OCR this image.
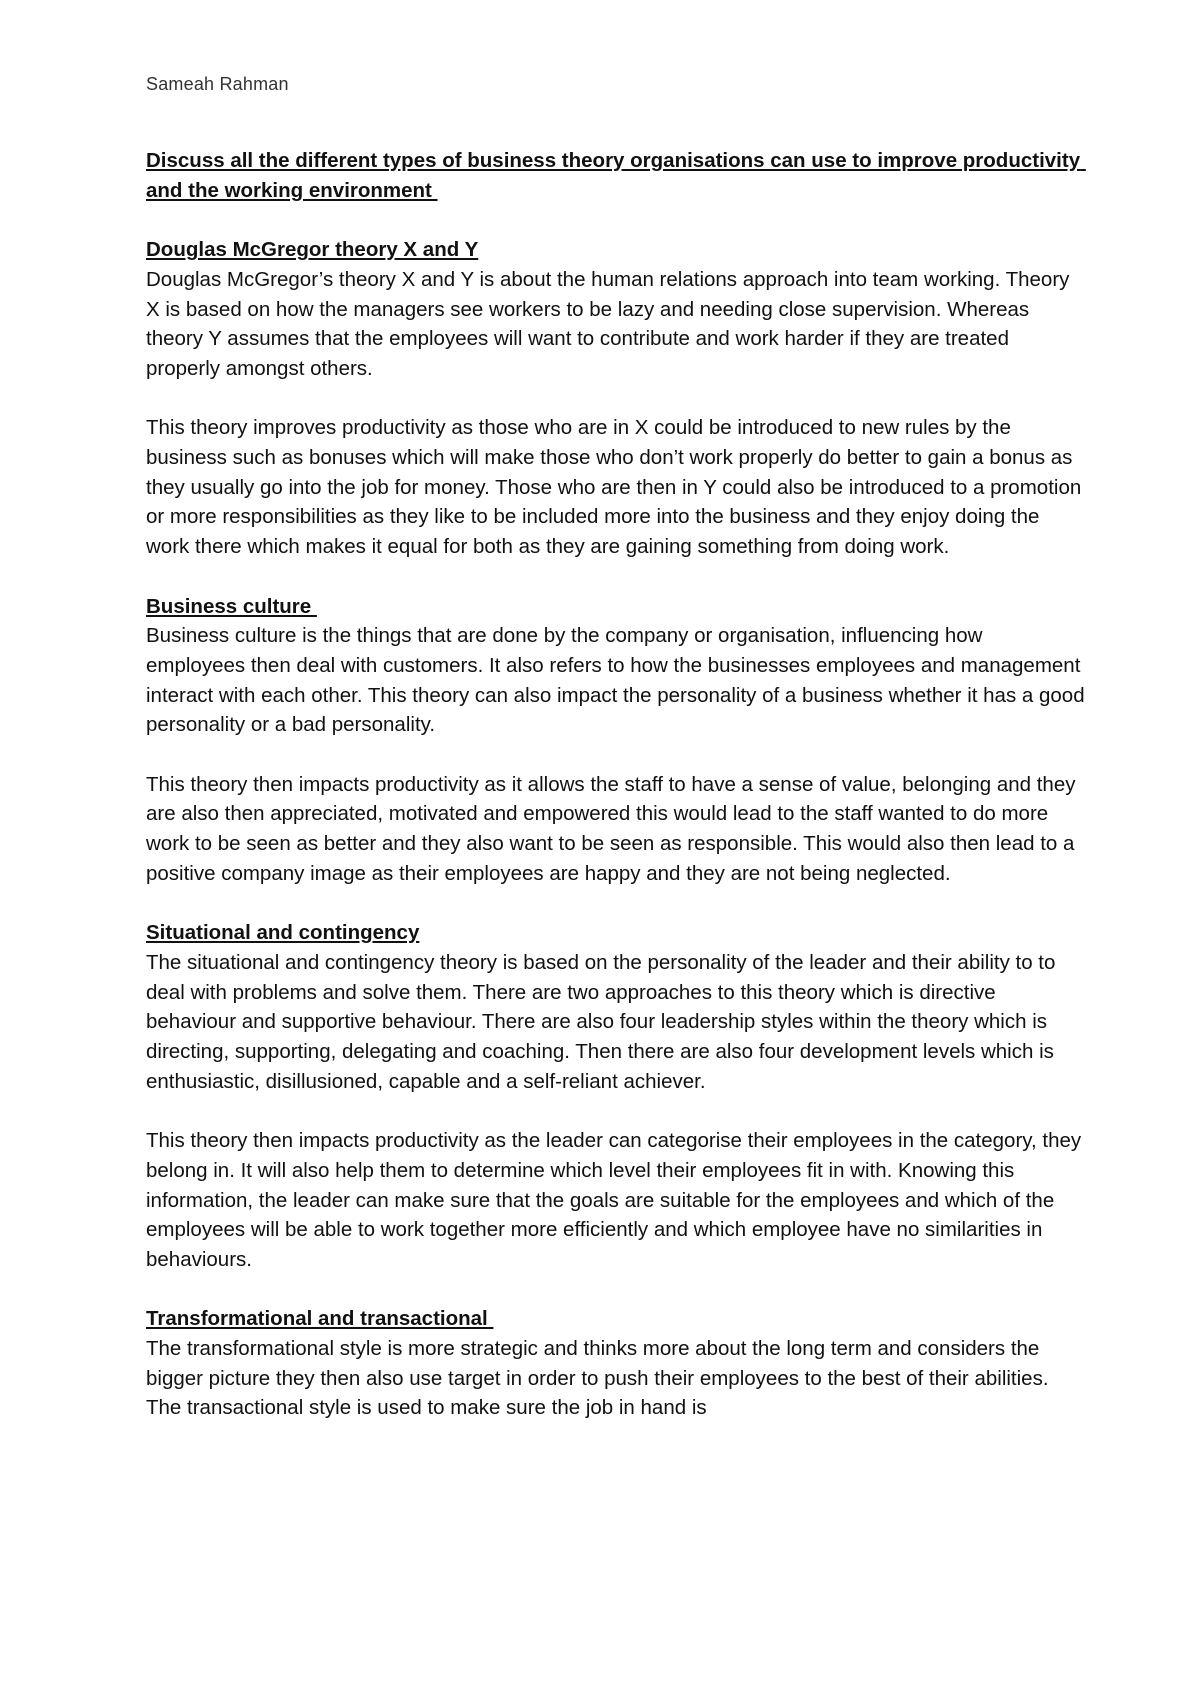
Sameah Rahman

Discuss all the different types of business theory organisations can use to improve productivity and the working environment

Douglas McGregor theory X and Y

Douglas McGregor’s theory X and Y is about the human relations approach into team working. Theory X is based on how the managers see workers to be lazy and needing close supervision. Whereas theory Y assumes that the employees will want to contribute and work harder if they are treated properly amongst others.

This theory improves productivity as those who are in X could be introduced to new rules by the business such as bonuses which will make those who don’t work properly do better to gain a bonus as they usually go into the job for money. Those who are then in Y could also be introduced to a promotion or more responsibilities as they like to be included more into the business and they enjoy doing the work there which makes it equal for both as they are gaining something from doing work.

Business culture

Business culture is the things that are done by the company or organisation, influencing how employees then deal with customers. It also refers to how the businesses employees and management interact with each other. This theory can also impact the personality of a business whether it has a good personality or a bad personality.

This theory then impacts productivity as it allows the staff to have a sense of value, belonging and they are also then appreciated, motivated and empowered this would lead to the staff wanted to do more work to be seen as better and they also want to be seen as responsible. This would also then lead to a positive company image as their employees are happy and they are not being neglected.

Situational and contingency

The situational and contingency theory is based on the personality of the leader and their ability to to deal with problems and solve them. There are two approaches to this theory which is directive behaviour and supportive behaviour. There are also four leadership styles within the theory which is directing, supporting, delegating and coaching. Then there are also four development levels which is enthusiastic, disillusioned, capable and a self-reliant achiever.

This theory then impacts productivity as the leader can categorise their employees in the category, they belong in. It will also help them to determine which level their employees fit in with. Knowing this information, the leader can make sure that the goals are suitable for the employees and which of the employees will be able to work together more efficiently and which employee have no similarities in behaviours.

Transformational and transactional

The transformational style is more strategic and thinks more about the long term and considers the bigger picture they then also use target in order to push their employees to the best of their abilities. The transactional style is used to make sure the job in hand is
